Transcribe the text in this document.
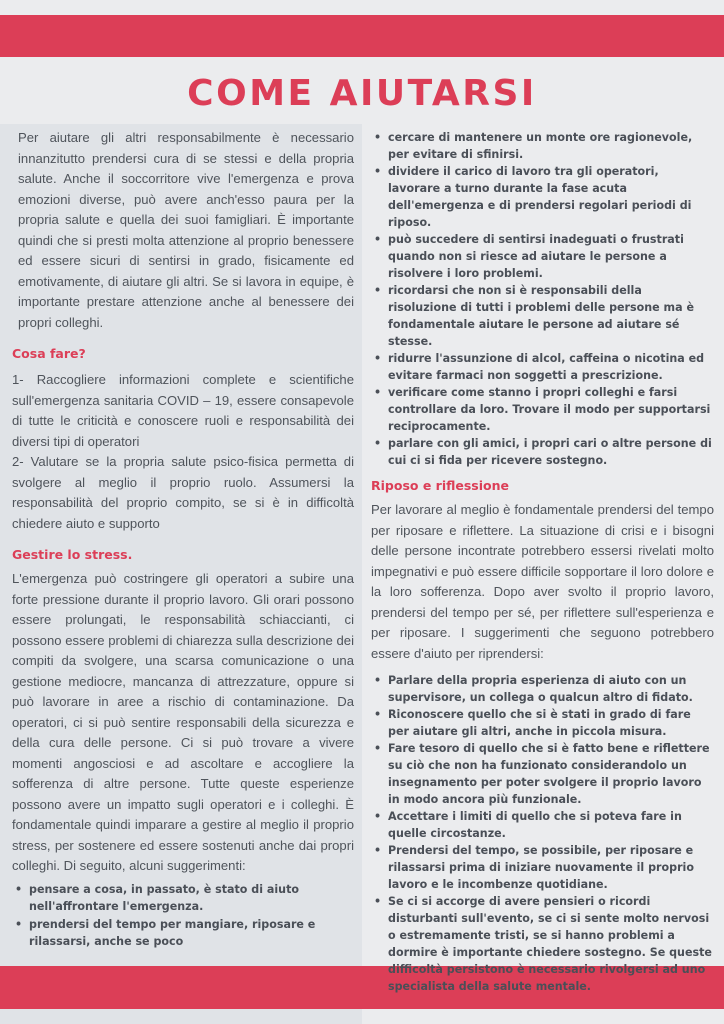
COME AIUTARSI

Per aiutare gli altri responsabilmente è necessario innanzitutto prendersi cura di se stessi e della propria salute. Anche il soccorritore vive l'emergenza e prova emozioni diverse, può avere anch'esso paura per la propria salute e quella dei suoi famigliari. È importante quindi che si presti molta attenzione al proprio benessere ed essere sicuri di sentirsi in grado, fisicamente ed emotivamente, di aiutare gli altri. Se si lavora in equipe, è importante prestare attenzione anche al benessere dei propri colleghi.

Cosa fare?

1- Raccogliere informazioni complete e scientifiche sull'emergenza sanitaria COVID – 19, essere consapevole di tutte le criticità e conoscere ruoli e responsabilità dei diversi tipi di operatori

2- Valutare se la propria salute psico-fisica permetta di svolgere al meglio il proprio ruolo. Assumersi la responsabilità del proprio compito, se si è in difficoltà chiedere aiuto e supporto

Gestire lo stress.

L'emergenza può costringere gli operatori a subire una forte pressione durante il proprio lavoro. Gli orari possono essere prolungati, le responsabilità schiaccianti, ci possono essere problemi di chiarezza sulla descrizione dei compiti da svolgere, una scarsa comunicazione o una gestione mediocre, mancanza di attrezzature, oppure si può lavorare in aree a rischio di contaminazione. Da operatori, ci si può sentire responsabili della sicurezza e della cura delle persone. Ci si può trovare a vivere momenti angosciosi e ad ascoltare e accogliere la sofferenza di altre persone. Tutte queste esperienze possono avere un impatto sugli operatori e i colleghi. È fondamentale quindi imparare a gestire al meglio il proprio stress, per sostenere ed essere sostenuti anche dai propri colleghi. Di seguito, alcuni suggerimenti:

• pensare a cosa, in passato, è stato di aiuto nell'affrontare l'emergenza.
• prendersi del tempo per mangiare, riposare e rilassarsi, anche se poco
• cercare di mantenere un monte ore ragionevole, per evitare di sfinirsi.
• dividere il carico di lavoro tra gli operatori, lavorare a turno durante la fase acuta dell'emergenza e di prendersi regolari periodi di riposo.
• può succedere di sentirsi inadeguati o frustrati quando non si riesce ad aiutare le persone a risolvere i loro problemi.
• ricordarsi che non si è responsabili della risoluzione di tutti i problemi delle persone ma è fondamentale aiutare le persone ad aiutare sé stesse.
• ridurre l'assunzione di alcol, caffeina o nicotina ed evitare farmaci non soggetti a prescrizione.
• verificare come stanno i propri colleghi e farsi controllare da loro. Trovare il modo per supportarsi reciprocamente.
• parlare con gli amici, i propri cari o altre persone di cui ci si fida per ricevere sostegno.
Riposo e riflessione

Per lavorare al meglio è fondamentale prendersi del tempo per riposare e riflettere. La situazione di crisi e i bisogni delle persone incontrate potrebbero essersi rivelati molto impegnativi e può essere difficile sopportare il loro dolore e la loro sofferenza. Dopo aver svolto il proprio lavoro, prendersi del tempo per sé, per riflettere sull'esperienza e per riposare. I suggerimenti che seguono potrebbero essere d'aiuto per riprendersi:

• Parlare della propria esperienza di aiuto con un supervisore, un collega o qualcun altro di fidato.
• Riconoscere quello che si è stati in grado di fare per aiutare gli altri, anche in piccola misura.
• Fare tesoro di quello che si è fatto bene e riflettere su ciò che non ha funzionato considerandolo un insegnamento per poter svolgere il proprio lavoro in modo ancora più funzionale.
• Accettare i limiti di quello che si poteva fare in quelle circostanze.
• Prendersi del tempo, se possibile, per riposare e rilassarsi prima di iniziare nuovamente il proprio lavoro e le incombenze quotidiane.
• Se ci si accorge di avere pensieri o ricordi disturbanti sull'evento, se ci si sente molto nervosi o estremamente tristi, se si hanno problemi a dormire è importante chiedere sostegno. Se queste difficoltà persistono è necessario rivolgersi ad uno specialista della salute mentale.
